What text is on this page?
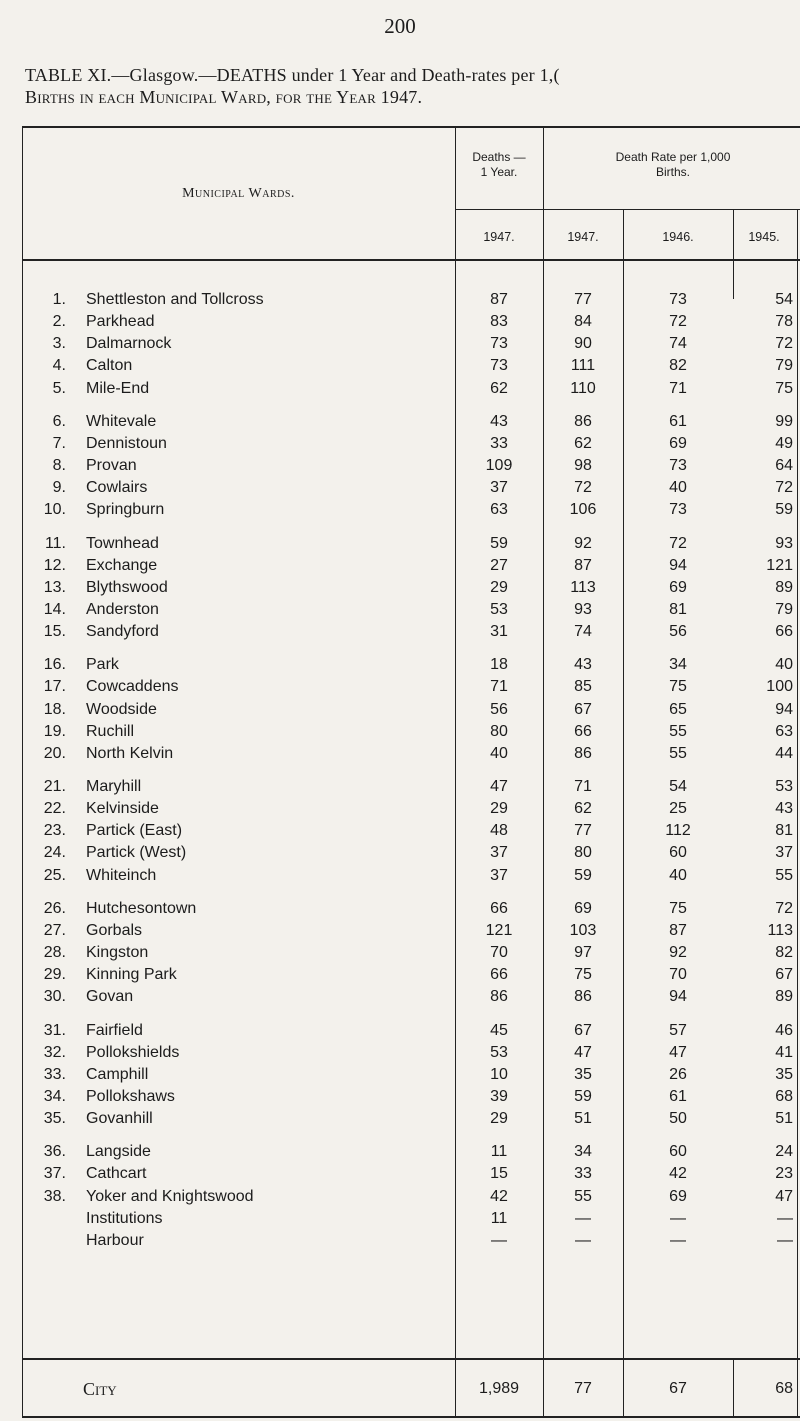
200
TABLE XI.—Glasgow.—DEATHS under 1 Year and Death-rates per 1,(
Births in each Municipal Ward, for the Year 1947.
Municipal Wards.
Deaths —1 Year.
Death Rate per 1,000 Births.
1947.	1947.	1946.	1945.
1. Shettleston and Tollcross	87	77	73	54
2. Parkhead	83	84	72	78
3. Dalmarnock	73	90	74	72
4. Calton	73	111	82	79
5. Mile-End	62	110	71	75
6. Whitevale	43	86	61	99
7. Dennistoun	33	62	69	49
8. Provan	109	98	73	64
9. Cowlairs	37	72	40	72
10. Springburn	63	106	73	59
11. Townhead	59	92	72	93
12. Exchange	27	87	94	121
13. Blythswood	29	113	69	89
14. Anderston	53	93	81	79
15. Sandyford	31	74	56	66
16. Park	18	43	34	40
17. Cowcaddens	71	85	75	100
18. Woodside	56	67	65	94
19. Ruchill	80	66	55	63
20. North Kelvin	40	86	55	44
21. Maryhill	47	71	54	53
22. Kelvinside	29	62	25	43
23. Partick (East)	48	77	112	81
24. Partick (West)	37	80	60	37
25. Whiteinch	37	59	40	55
26. Hutchesontown	66	69	75	72
27. Gorbals	121	103	87	113
28. Kingston	70	97	92	82
29. Kinning Park	66	75	70	67
30. Govan	86	86	94	89
31. Fairfield	45	67	57	46
32. Pollokshields	53	47	47	41
33. Camphill	10	35	26	35
34. Pollokshaws	39	59	61	68
35. Govanhill	29	51	50	51
36. Langside	11	34	60	24
37. Cathcart	15	33	42	23
38. Yoker and Knightswood	42	55	69	47
Institutions	11	—	—	—
Harbour	—	—	—	—
City	1,989	77	67	68
